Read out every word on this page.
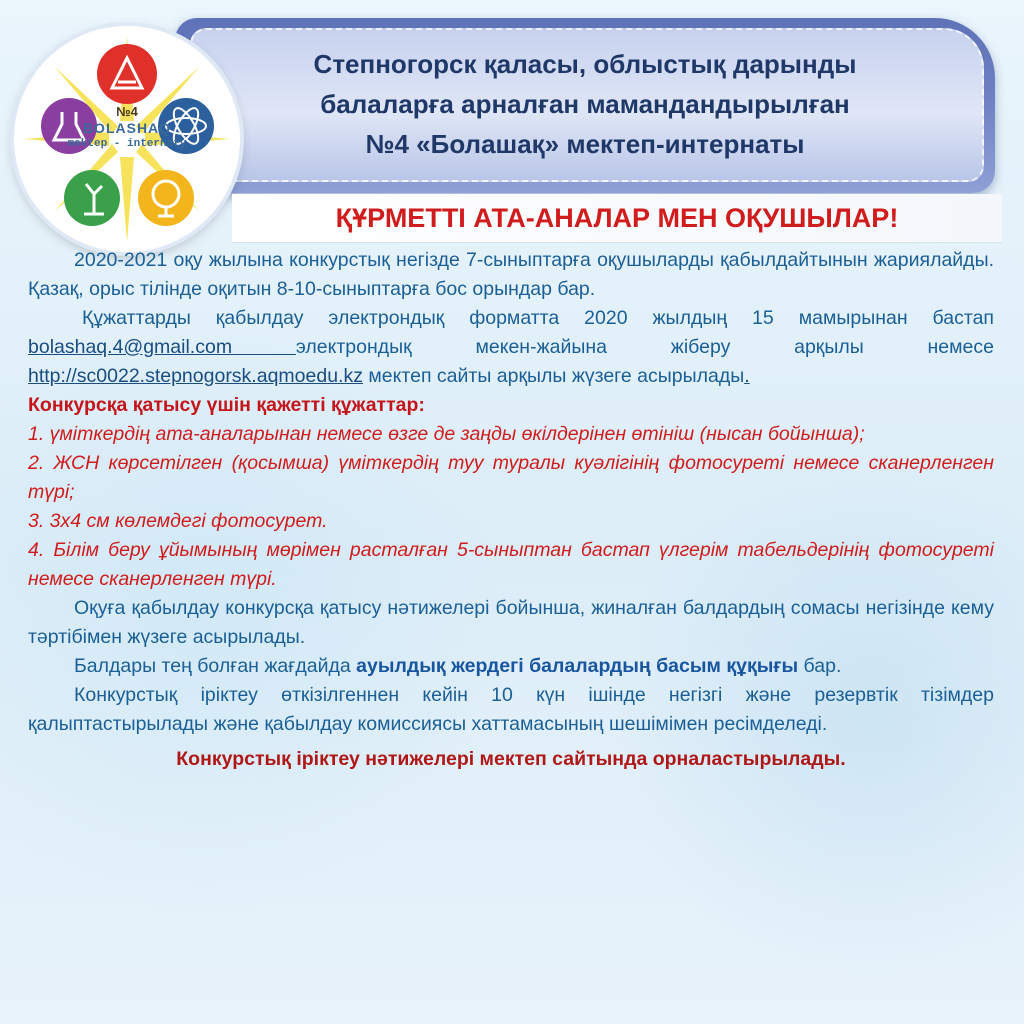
Степногорск қаласы, облыстық дарынды
балаларға арналған мамандандырылған
№4 «Болашақ» мектеп-интернаты
№4
BOLASHAQ
mektep - internaty
ҚҰРМЕТТІ АТА-АНАЛАР МЕН ОҚУШЫЛАР!

2020-2021 оқу жылына конкурстық негізде 7-сыныптарға оқушыларды қабылдайтынын жариялайды. Қазақ, орыс тілінде оқитын 8-10-сыныптарға бос орындар бар.

Құжаттарды қабылдау электрондық форматта 2020 жылдың 15 мамырынан бастап bolashaq.4@gmail.com электрондық мекен-жайына жіберу арқылы немесе http://sc0022.stepnogorsk.aqmoedu.kz мектеп сайты арқылы жүзеге асырылады.

Конкурсқа қатысу үшін қажетті құжаттар:

1. үміткердің ата-аналарынан немесе өзге де заңды өкілдерінен өтініш (нысан бойынша);

2. ЖСН көрсетілген (қосымша) үміткердің туу туралы куәлігінің фотосуреті немесе сканерленген түрі;

3. 3х4 см көлемдегі фотосурет.

4. Білім беру ұйымының мөрімен расталған 5-сыныптан бастап үлгерім табельдерінің фотосуреті немесе сканерленген түрі.

Оқуға қабылдау конкурсқа қатысу нәтижелері бойынша, жиналған балдардың сомасы негізінде кему тәртібімен жүзеге асырылады.

Балдары тең болған жағдайда ауылдық жердегі балалардың басым құқығы бар.

Конкурстық іріктеу өткізілгеннен кейін 10 күн ішінде негізгі және резервтік тізімдер қалыптастырылады және қабылдау комиссиясы хаттамасының шешімімен ресімделеді.

Конкурстық іріктеу нәтижелері мектеп сайтында орналастырылады.
